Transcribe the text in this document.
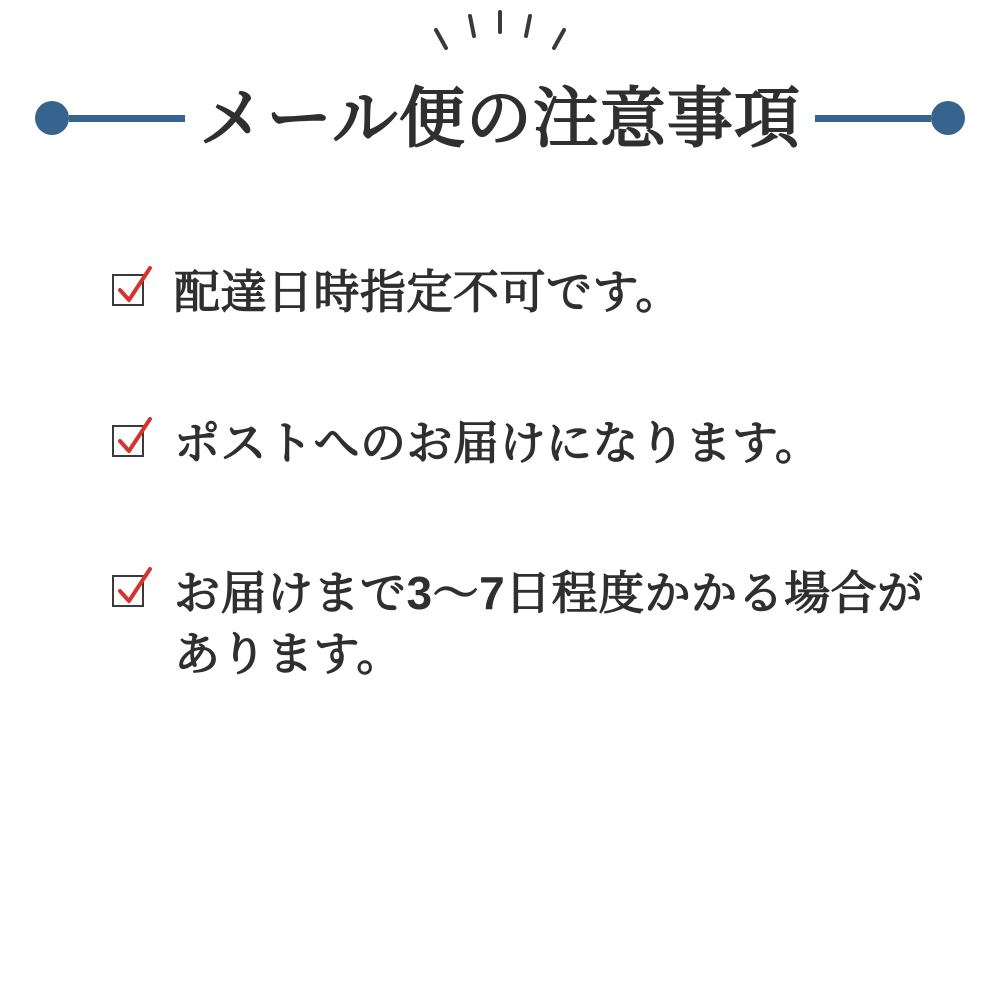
メール便の注意事項
配達日時指定不可です。
ポストへのお届けになります。
お届けまで3〜7日程度かかる場合があります。
